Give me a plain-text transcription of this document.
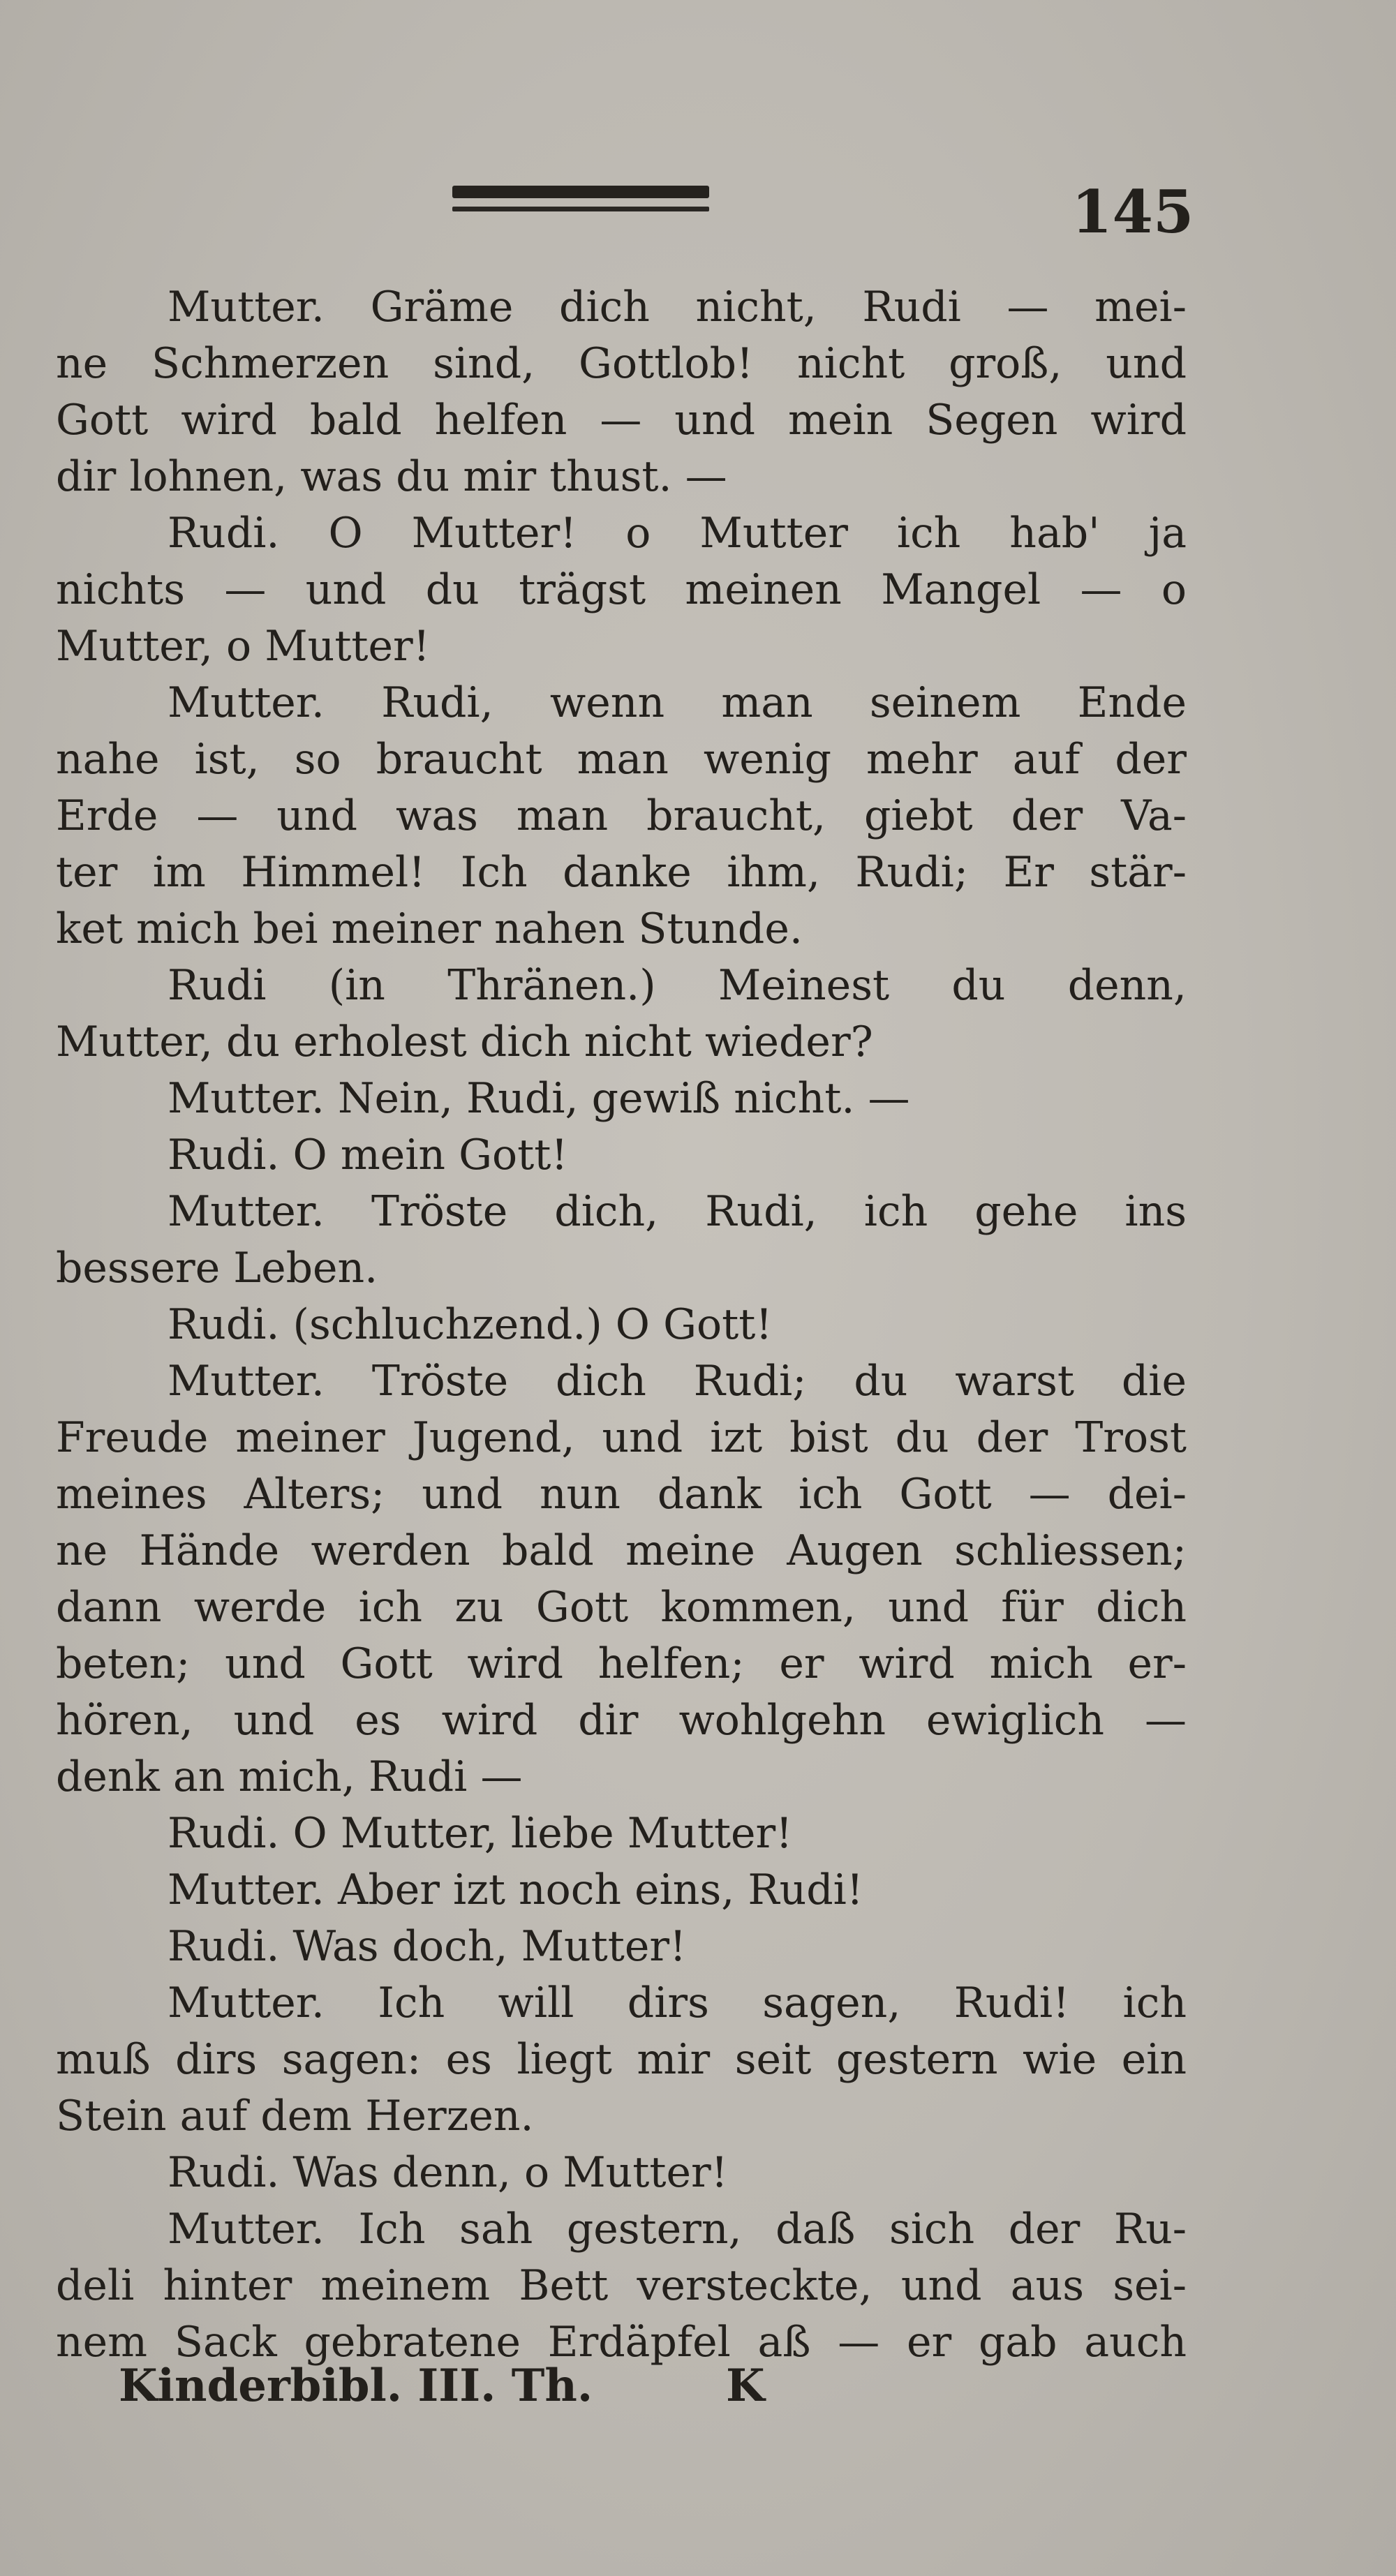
145
Mutter. Gräme dich nicht, Rudi — mei-
ne Schmerzen sind, Gottlob! nicht groß, und
Gott wird bald helfen — und mein Segen wird
dir lohnen, was du mir thust. —
Rudi. O Mutter! o Mutter ich hab' ja
nichts — und du trägst meinen Mangel — o
Mutter, o Mutter!
Mutter. Rudi, wenn man seinem Ende
nahe ist, so braucht man wenig mehr auf der
Erde — und was man braucht, giebt der Va-
ter im Himmel! Ich danke ihm, Rudi; Er stär-
ket mich bei meiner nahen Stunde.
Rudi (in Thränen.) Meinest du denn,
Mutter, du erholest dich nicht wieder?
Mutter. Nein, Rudi, gewiß nicht. —
Rudi. O mein Gott!
Mutter. Tröste dich, Rudi, ich gehe ins
bessere Leben.
Rudi. (schluchzend.) O Gott!
Mutter. Tröste dich Rudi; du warst die
Freude meiner Jugend, und izt bist du der Trost
meines Alters; und nun dank ich Gott — dei-
ne Hände werden bald meine Augen schliessen;
dann werde ich zu Gott kommen, und für dich
beten; und Gott wird helfen; er wird mich er-
hören, und es wird dir wohlgehn ewiglich —
denk an mich, Rudi —
Rudi. O Mutter, liebe Mutter!
Mutter. Aber izt noch eins, Rudi!
Rudi. Was doch, Mutter!
Mutter. Ich will dirs sagen, Rudi! ich
muß dirs sagen: es liegt mir seit gestern wie ein
Stein auf dem Herzen.
Rudi. Was denn, o Mutter!
Mutter. Ich sah gestern, daß sich der Ru-
deli hinter meinem Bett versteckte, und aus sei-
nem Sack gebratene Erdäpfel aß — er gab auch
Kinderbibl. III. Th.	K
